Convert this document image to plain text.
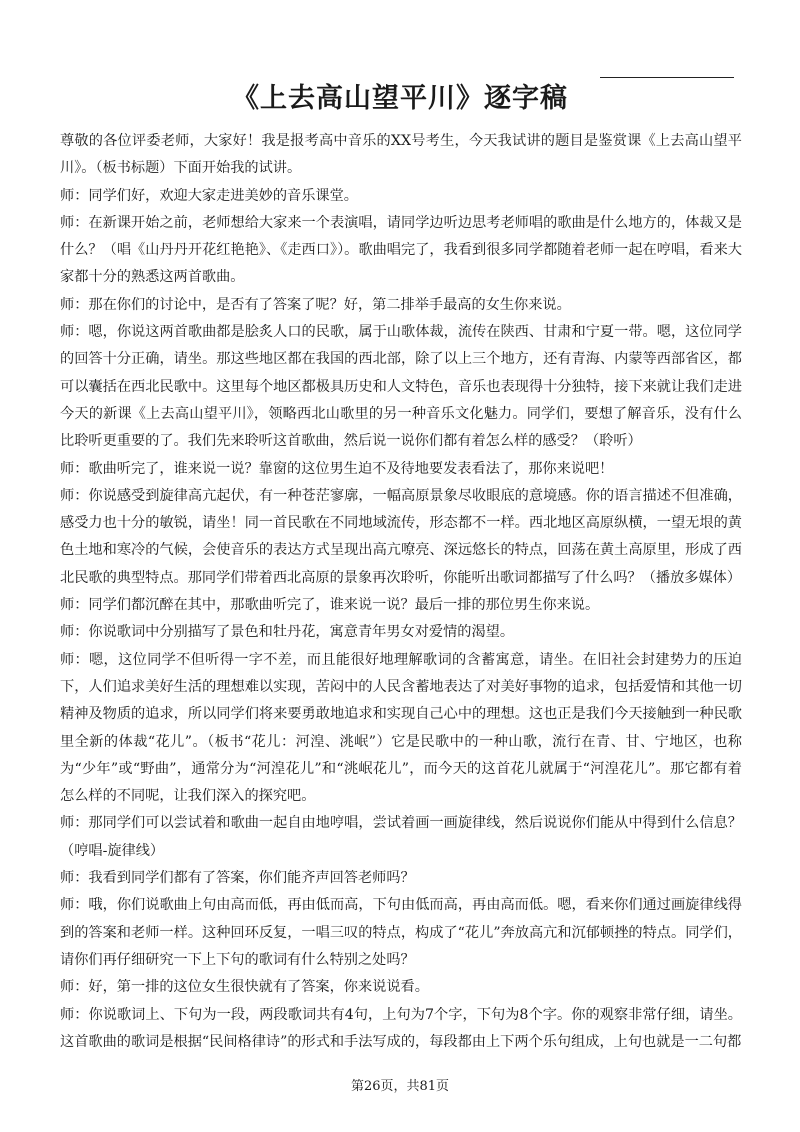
《上去高山望平川》逐字稿

尊敬的各位评委老师，大家好！我是报考高中音乐的XX号考生，今天我试讲的题目是鉴赏课《上去高山望平川》。（板书标题）下面开始我的试讲。

师：同学们好，欢迎大家走进美妙的音乐课堂。

师：在新课开始之前，老师想给大家来一个表演唱，请同学边听边思考老师唱的歌曲是什么地方的，体裁又是什么？（唱《山丹丹开花红艳艳》、《走西口》）。歌曲唱完了，我看到很多同学都随着老师一起在哼唱，看来大家都十分的熟悉这两首歌曲。

师：那在你们的讨论中，是否有了答案了呢？好，第二排举手最高的女生你来说。

师：嗯，你说这两首歌曲都是脍炙人口的民歌，属于山歌体裁，流传在陕西、甘肃和宁夏一带。嗯，这位同学的回答十分正确，请坐。那这些地区都在我国的西北部，除了以上三个地方，还有青海、内蒙等西部省区，都可以囊括在西北民歌中。这里每个地区都极具历史和人文特色，音乐也表现得十分独特，接下来就让我们走进今天的新课《上去高山望平川》，领略西北山歌里的另一种音乐文化魅力。同学们，要想了解音乐，没有什么比聆听更重要的了。我们先来聆听这首歌曲，然后说一说你们都有着怎么样的感受？（聆听）

师：歌曲听完了，谁来说一说？靠窗的这位男生迫不及待地要发表看法了，那你来说吧！

师：你说感受到旋律高亢起伏，有一种苍茫寥廓，一幅高原景象尽收眼底的意境感。你的语言描述不但准确，感受力也十分的敏锐，请坐！同一首民歌在不同地域流传，形态都不一样。西北地区高原纵横，一望无垠的黄色土地和寒冷的气候，会使音乐的表达方式呈现出高亢嘹亮、深远悠长的特点，回荡在黄土高原里，形成了西北民歌的典型特点。那同学们带着西北高原的景象再次聆听，你能听出歌词都描写了什么吗？（播放多媒体）

师：同学们都沉醉在其中，那歌曲听完了，谁来说一说？最后一排的那位男生你来说。

师：你说歌词中分别描写了景色和牡丹花，寓意青年男女对爱情的渴望。

师：嗯，这位同学不但听得一字不差，而且能很好地理解歌词的含蓄寓意，请坐。在旧社会封建势力的压迫下，人们追求美好生活的理想难以实现，苦闷中的人民含蓄地表达了对美好事物的追求，包括爱情和其他一切精神及物质的追求，所以同学们将来要勇敢地追求和实现自己心中的理想。这也正是我们今天接触到一种民歌里全新的体裁“花儿”。（板书“花儿：河湟、洮岷”）它是民歌中的一种山歌，流行在青、甘、宁地区，也称为“少年”或“野曲”，通常分为“河湟花儿”和“洮岷花儿”，而今天的这首花儿就属于“河湟花儿”。那它都有着怎么样的不同呢，让我们深入的探究吧。

师：那同学们可以尝试着和歌曲一起自由地哼唱，尝试着画一画旋律线，然后说说你们能从中得到什么信息？（哼唱-旋律线）

师：我看到同学们都有了答案，你们能齐声回答老师吗？

师：哦，你们说歌曲上句由高而低，再由低而高，下句由低而高，再由高而低。嗯，看来你们通过画旋律线得到的答案和老师一样。这种回环反复，一唱三叹的特点，构成了“花儿”奔放高亢和沉郁顿挫的特点。同学们，请你们再仔细研究一下上下句的歌词有什么特别之处吗？

师：好，第一排的这位女生很快就有了答案，你来说说看。

师：你说歌词上、下句为一段，两段歌词共有4句，上句为7个字，下句为8个字。你的观察非常仔细，请坐。这首歌曲的歌词是根据“民间格律诗”的形式和手法写成的，每段都由上下两个乐句组成，上句也就是一二句都

第26页，共81页
